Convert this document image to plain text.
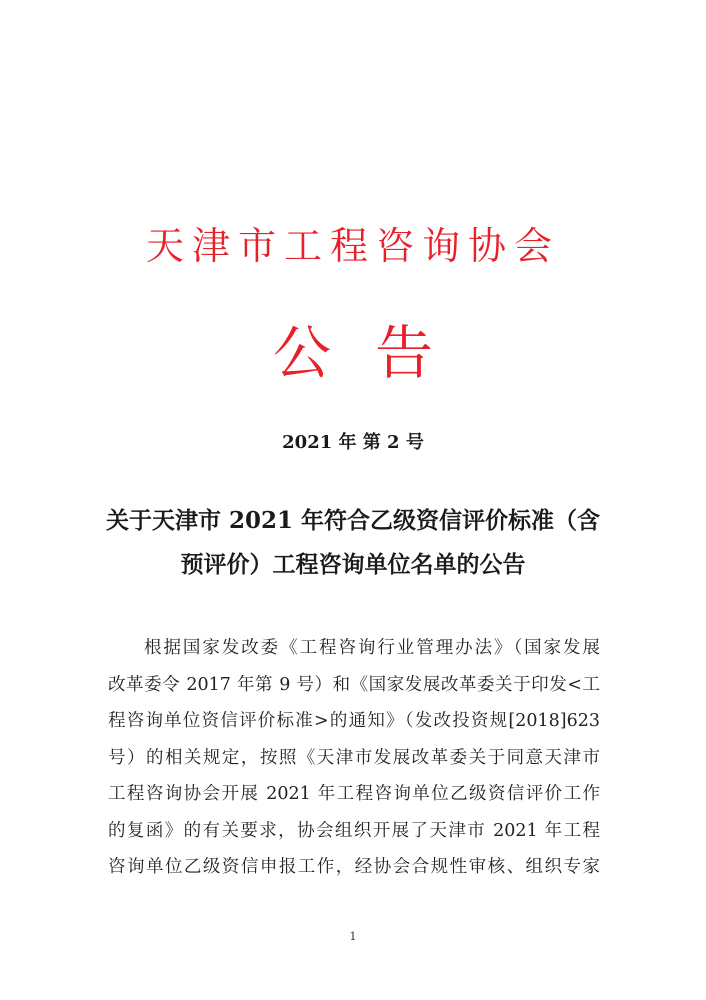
天津市工程咨询协会
公 告
2021 年 第 2 号
关于天津市 2021 年符合乙级资信评价标准（含
预评价）工程咨询单位名单的公告
根据国家发改委《工程咨询行业管理办法》（国家发展
改革委令 2017 年第 9 号）和《国家发展改革委关于印发<工
程咨询单位资信评价标准>的通知》（发改投资规[2018]623
号）的相关规定，按照《天津市发展改革委关于同意天津市
工程咨询协会开展 2021 年工程咨询单位乙级资信评价工作
的复函》的有关要求，协会组织开展了天津市 2021 年工程
咨询单位乙级资信申报工作，经协会合规性审核、组织专家
1
